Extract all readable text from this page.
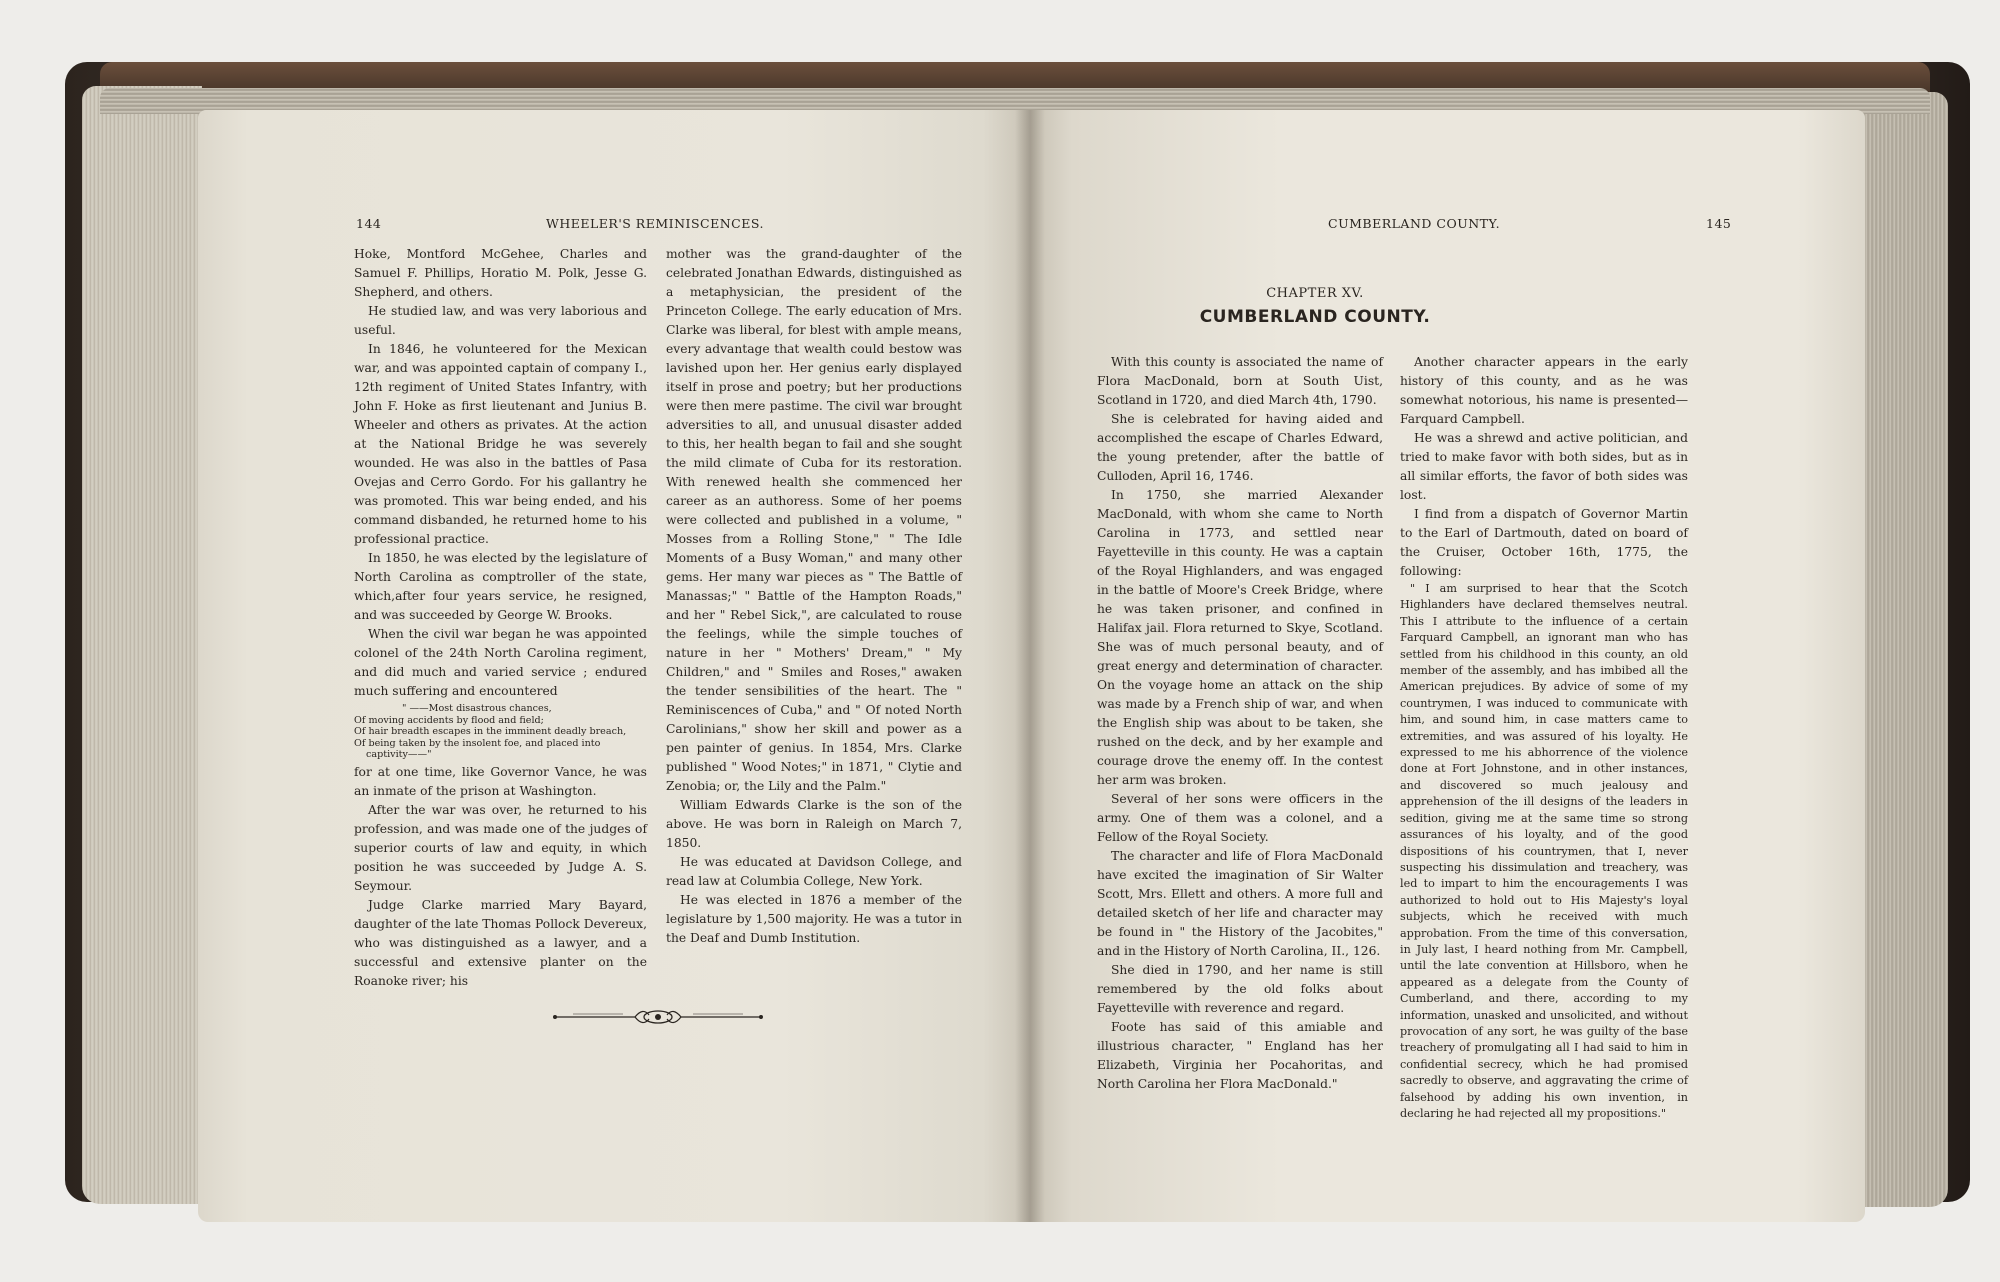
144	WHEELER'S REMINISCENCES.

Hoke, Montford McGehee, Charles and Samuel F. Phillips, Horatio M. Polk, Jesse G. Shepherd, and others.

He studied law, and was very laborious and useful.

In 1846, he volunteered for the Mexican war, and was appointed captain of company I., 12th regiment of United States Infantry, with John F. Hoke as first lieutenant and Junius B. Wheeler and others as privates. At the action at the National Bridge he was severely wounded. He was also in the battles of Pasa Ovejas and Cerro Gordo. For his gallantry he was promoted. This war being ended, and his command disbanded, he returned home to his professional practice.

In 1850, he was elected by the legislature of North Carolina as comptroller of the state, which,after four years service, he resigned, and was succeeded by George W. Brooks.

When the civil war began he was appointed colonel of the 24th North Carolina regiment, and did much and varied service ; endured much suffering and encountered

" ——Most disastrous chances,

Of moving accidents by flood and field;

Of hair breadth escapes in the imminent deadly breach,

Of being taken by the insolent foe, and placed into

captivity——"

for at one time, like Governor Vance, he was an inmate of the prison at Washington.

After the war was over, he returned to his profession, and was made one of the judges of superior courts of law and equity, in which position he was succeeded by Judge A. S. Seymour.

Judge Clarke married Mary Bayard, daughter of the late Thomas Pollock Devereux, who was distinguished as a lawyer, and a successful and extensive planter on the Roanoke river; his

mother was the grand-daughter of the celebrated Jonathan Edwards, distinguished as a metaphysician, the president of the Princeton College. The early education of Mrs. Clarke was liberal, for blest with ample means, every advantage that wealth could bestow was lavished upon her. Her genius early displayed itself in prose and poetry; but her productions were then mere pastime. The civil war brought adversities to all, and unusual disaster added to this, her health began to fail and she sought the mild climate of Cuba for its restoration. With renewed health she commenced her career as an authoress. Some of her poems were collected and published in a volume, " Mosses from a Rolling Stone," " The Idle Moments of a Busy Woman," and many other gems. Her many war pieces as " The Battle of Manassas;" " Battle of the Hampton Roads," and her " Rebel Sick,", are calculated to rouse the feelings, while the simple touches of nature in her " Mothers' Dream," " My Children," and " Smiles and Roses," awaken the tender sensibilities of the heart. The " Reminiscences of Cuba," and " Of noted North Carolinians," show her skill and power as a pen painter of genius. In 1854, Mrs. Clarke published " Wood Notes;" in 1871, " Clytie and Zenobia; or, the Lily and the Palm."

William Edwards Clarke is the son of the above. He was born in Raleigh on March 7, 1850.

He was educated at Davidson College, and read law at Columbia College, New York.

He was elected in 1876 a member of the legislature by 1,500 majority. He was a tutor in the Deaf and Dumb Institution.

CUMBERLAND COUNTY.	145
CHAPTER XV.
CUMBERLAND COUNTY.

With this county is associated the name of Flora MacDonald, born at South Uist, Scotland in 1720, and died March 4th, 1790.

She is celebrated for having aided and accomplished the escape of Charles Edward, the young pretender, after the battle of Culloden, April 16, 1746.

In 1750, she married Alexander MacDonald, with whom she came to North Carolina in 1773, and settled near Fayetteville in this county. He was a captain of the Royal Highlanders, and was engaged in the battle of Moore's Creek Bridge, where he was taken prisoner, and confined in Halifax jail. Flora returned to Skye, Scotland. She was of much personal beauty, and of great energy and determination of character. On the voyage home an attack on the ship was made by a French ship of war, and when the English ship was about to be taken, she rushed on the deck, and by her example and courage drove the enemy off. In the contest her arm was broken.

Several of her sons were officers in the army. One of them was a colonel, and a Fellow of the Royal Society.

The character and life of Flora MacDonald have excited the imagination of Sir Walter Scott, Mrs. Ellett and others. A more full and detailed sketch of her life and character may be found in " the History of the Jacobites," and in the History of North Carolina, II., 126.

She died in 1790, and her name is still remembered by the old folks about Fayetteville with reverence and regard.

Foote has said of this amiable and illustrious character, " England has her Elizabeth, Virginia her Pocahoritas, and North Carolina her Flora MacDonald."

Another character appears in the early history of this county, and as he was somewhat notorious, his name is presented—Farquard Campbell.

He was a shrewd and active politician, and tried to make favor with both sides, but as in all similar efforts, the favor of both sides was lost.

I find from a dispatch of Governor Martin to the Earl of Dartmouth, dated on board of the Cruiser, October 16th, 1775, the following:

" I am surprised to hear that the Scotch Highlanders have declared themselves neutral. This I attribute to the influence of a certain Farquard Campbell, an ignorant man who has settled from his childhood in this county, an old member of the assembly, and has imbibed all the American prejudices. By advice of some of my countrymen, I was induced to communicate with him, and sound him, in case matters came to extremities, and was assured of his loyalty. He expressed to me his abhorrence of the violence done at Fort Johnstone, and in other instances, and discovered so much jealousy and apprehension of the ill designs of the leaders in sedition, giving me at the same time so strong assurances of his loyalty, and of the good dispositions of his countrymen, that I, never suspecting his dissimulation and treachery, was led to impart to him the encouragements I was authorized to hold out to His Majesty's loyal subjects, which he received with much approbation. From the time of this conversation, in July last, I heard nothing from Mr. Campbell, until the late convention at Hillsboro, when he appeared as a delegate from the County of Cumberland, and there, according to my information, unasked and unsolicited, and without provocation of any sort, he was guilty of the base treachery of promulgating all I had said to him in confidential secrecy, which he had promised sacredly to observe, and aggravating the crime of falsehood by adding his own invention, in declaring he had rejected all my propositions."
